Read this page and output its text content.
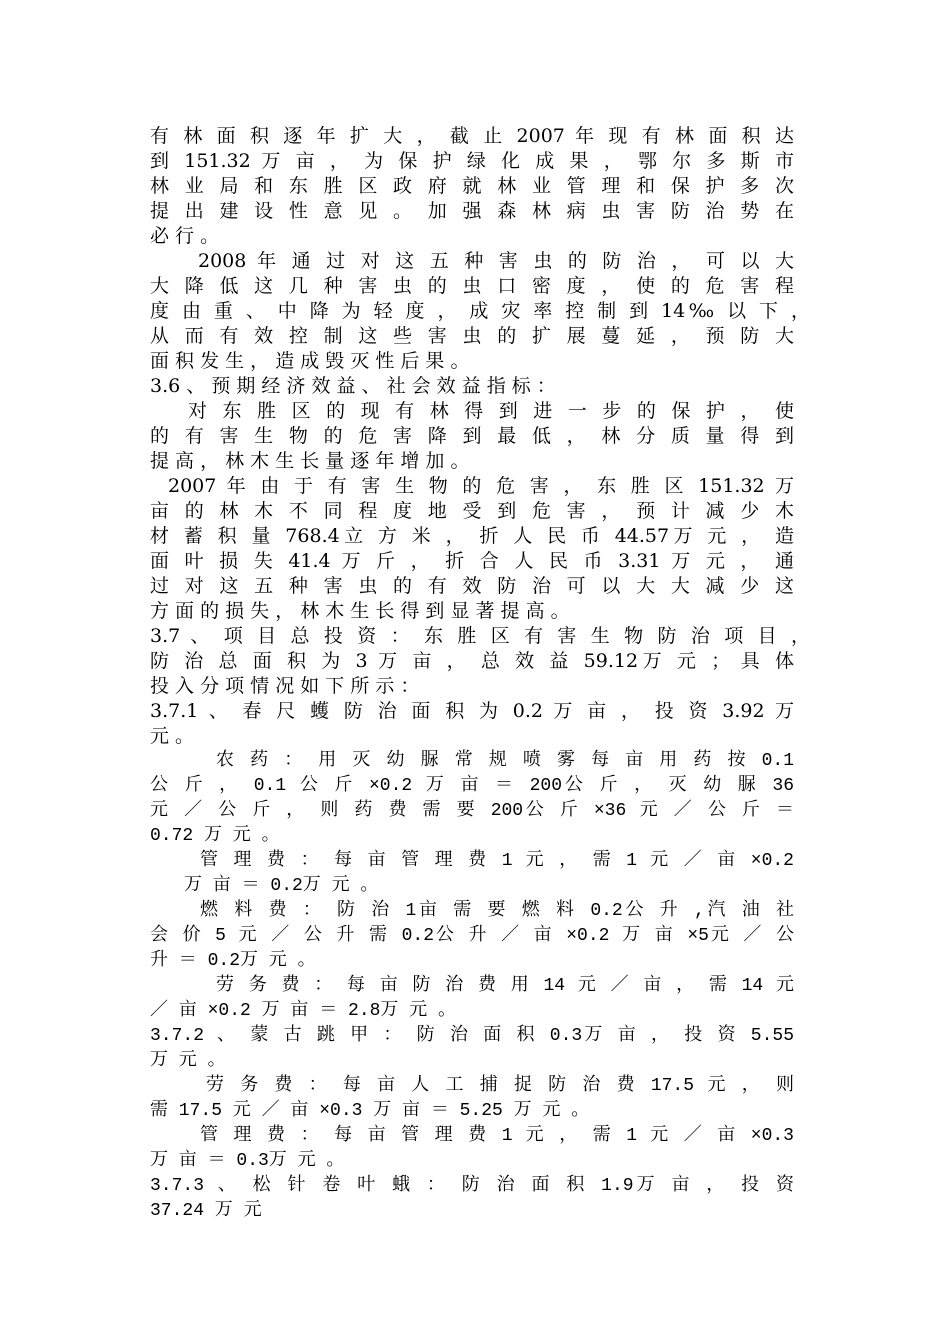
有 林 面 积 逐 年 扩 大 ， 截 止 2007 年 现 有 林 面 积 达
到 151.32 万 亩 ， 为 保 护 绿 化 成 果 ， 鄂 尔 多 斯 市
林 业 局 和 东 胜 区 政 府 就 林 业 管 理 和 保 护 多 次
提 出 建 设 性 意 见 。 加 强 森 林 病 虫 害 防 治 势 在
必 行 。
2008 年 通 过 对 这 五 种 害 虫 的 防 治 ， 可 以 大
大 降 低 这 几 种 害 虫 的 虫 口 密 度 ， 使 的 危 害 程
度 由 重 、 中 降 为 轻 度 ， 成 灾 率 控 制 到 14‰ 以 下 ，
从 而 有 效 控 制 这 些 害 虫 的 扩 展 蔓 延 ， 预 防 大
面 积 发 生 ， 造 成 毁 灭 性 后 果 。
3.6 、 预 期 经 济 效 益 、 社 会 效 益 指 标 ：
对 东 胜 区 的 现 有 林 得 到 进 一 步 的 保 护 ， 使
的 有 害 生 物 的 危 害 降 到 最 低 ， 林 分 质 量 得 到
提 高 ， 林 木 生 长 量 逐 年 增 加 。
2007 年 由 于 有 害 生 物 的 危 害 ， 东 胜 区 151.32 万
亩 的 林 木 不 同 程 度 地 受 到 危 害 ， 预 计 减 少 木
材 蓄 积 量 768.4立 方 米 ， 折 人 民 币 44.57万 元 ， 造
面 叶 损 失 41.4 万 斤 ， 折 合 人 民 币 3.31 万 元 ， 通
过 对 这 五 种 害 虫 的 有 效 防 治 可 以 大 大 减 少 这
方 面 的 损 失 ， 林 木 生 长 得 到 显 著 提 高 。
3.7 、 项 目 总 投 资 ： 东 胜 区 有 害 生 物 防 治 项 目 ，
防 治 总 面 积 为 3 万 亩 ， 总 效 益 59.12万 元 ； 具 体
投 入 分 项 情 况 如 下 所 示 ：
3.7.1 、 春 尺 蠖 防 治 面 积 为 0.2 万 亩 ， 投 资 3.92 万
元 。
农 药 ： 用 灭 幼 脲 常 规 喷 雾 每 亩 用 药 按 0.1
公 斤 ， 0.1 公 斤 ×0.2 万 亩 ＝ 200公 斤 ， 灭 幼 脲 36
元 ／ 公 斤 ， 则 药 费 需 要 200公 斤 ×36 元 ／ 公 斤 ＝
0.72 万 元 。
管 理 费 ： 每 亩 管 理 费 1 元 ， 需 1 元 ／ 亩 ×0.2
万 亩 ＝ 0.2万 元 。
燃 料 费 ： 防 治 1亩 需 要 燃 料 0.2公 升 ,汽 油 社
会 价 5 元 ／ 公 升 需 0.2公 升 ／ 亩 ×0.2 万 亩 ×5元 ／ 公
升 ＝ 0.2万 元 。
劳 务 费 ： 每 亩 防 治 费 用 14 元 ／ 亩 ， 需 14 元
／ 亩 ×0.2 万 亩 ＝ 2.8万 元 。
3.7.2 、 蒙 古 跳 甲 ： 防 治 面 积 0.3万 亩 ， 投 资 5.55
万 元 。
劳 务 费 ： 每 亩 人 工 捕 捉 防 治 费 17.5 元 ， 则
需 17.5 元 ／ 亩 ×0.3 万 亩 ＝ 5.25 万 元 。
管 理 费 ： 每 亩 管 理 费 1 元 ， 需 1 元 ／ 亩 ×0.3
万 亩 ＝ 0.3万 元 。
3.7.3 、 松 针 卷 叶 蛾 ： 防 治 面 积 1.9万 亩 ， 投 资
37.24 万 元
